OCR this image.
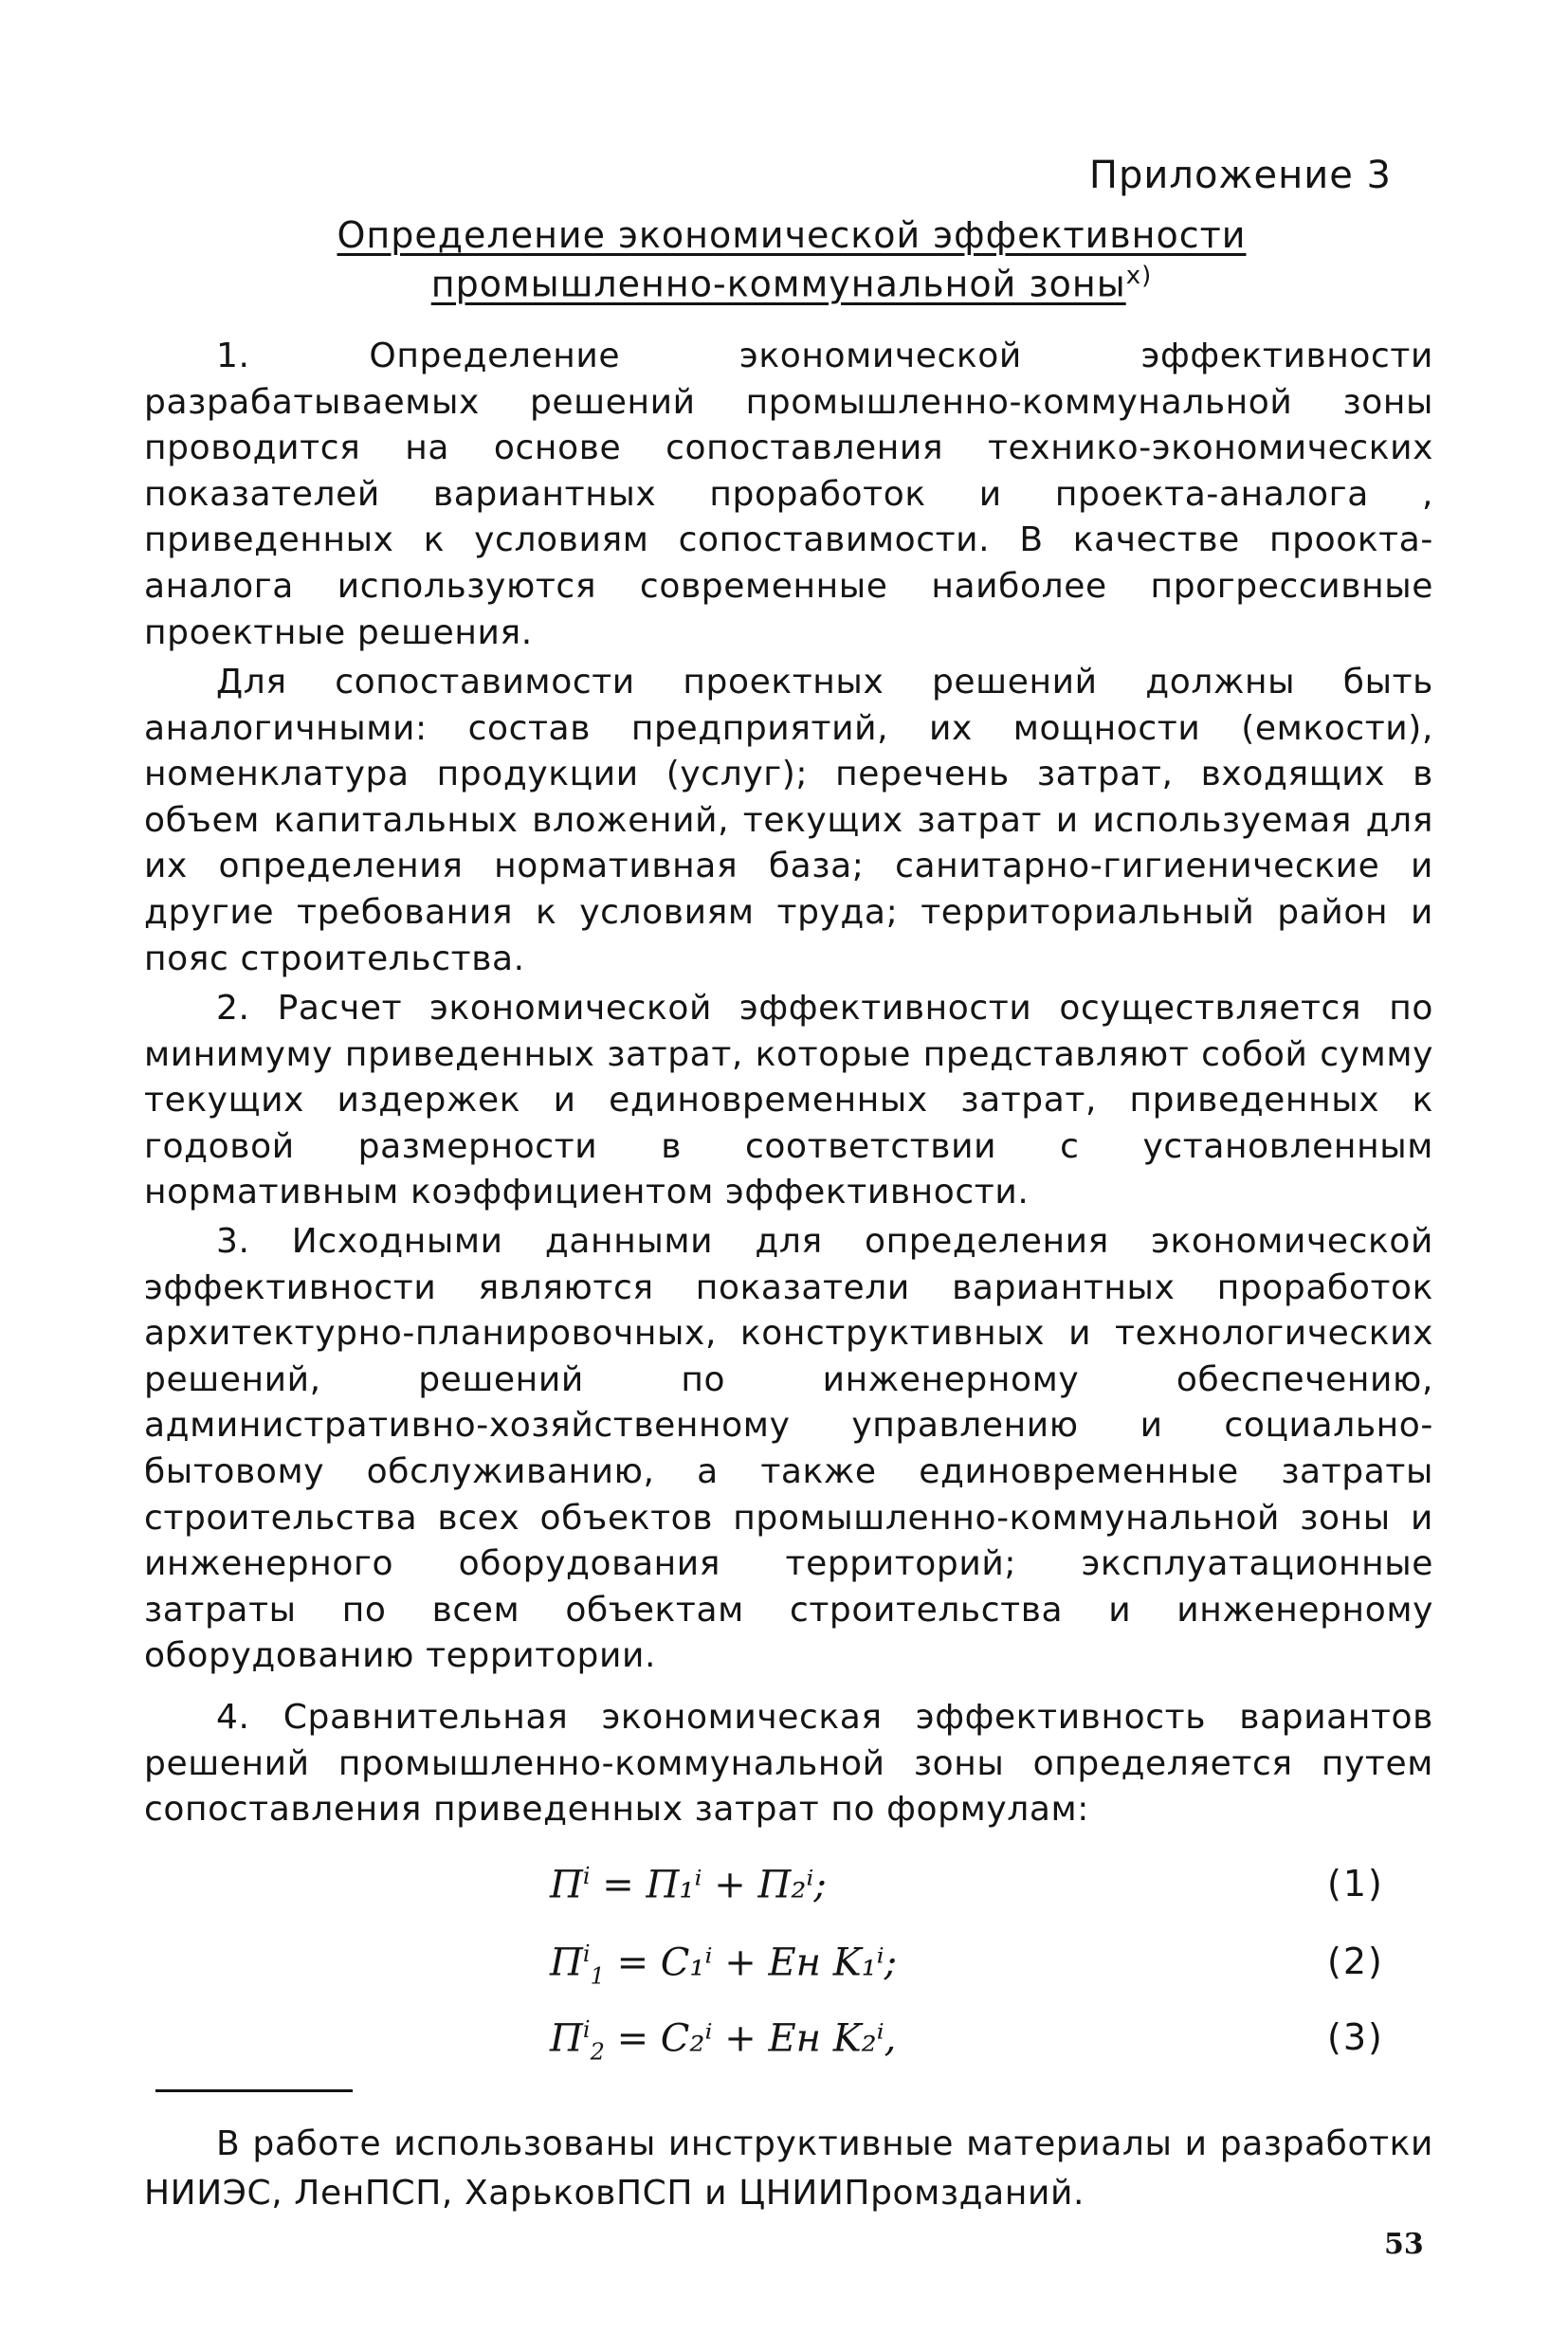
Приложение 3
Определение экономической эффективности
промышленно-коммунальной зоны$^{х)}$

1. Определение экономической эффективности разрабатываемых решений промышленно-коммунальной зоны проводится на основе сопоставления технико-экономических показателей вариантных проработок и проекта-аналога , приведенных к условиям сопоставимости. В качестве проокта-аналога используются современные наиболее прогрессивные проектные решения.

Для сопоставимости проектных решений должны быть аналогичными: состав предприятий, их мощности (емкости), номенклатура продукции (услуг); перечень затрат, входящих в объем капитальных вложений, текущих затрат и используемая для их определения нормативная база; санитарно-гигиенические и другие требования к условиям труда; территориальный район и пояс строительства.

2. Расчет экономической эффективности осуществляется по минимуму приведенных затрат, которые представляют собой сумму текущих издержек и единовременных затрат, приведенных к годовой размерности в соответствии с установленным нормативным коэффициентом эффективности.

3. Исходными данными для определения экономической эффективности являются показатели вариантных проработок архитектурно-планировочных, конструктивных и технологических решений, решений по инженерному обеспечению, административно-хозяйственному управлению и социально-бытовому обслуживанию, а также единовременные затраты строительства всех объектов промышленно-коммунальной зоны и инженерного оборудования территорий; эксплуатационные затраты по всем объектам строительства и инженерному оборудованию территории.

4. Сравнительная экономическая эффективность вариантов решений промышленно-коммунальной зоны определяется путем сопоставления приведенных затрат по формулам:

$П^i = П_1^i + П_2^i$;	(1)
$П^i_1 = C_1^i$ + Eн K₁ⁱ;	(2)
$П^i_2 = C_2^i$ + Eн K₂ⁱ,	(3)

В работе использованы инструктивные материалы и разработки НИИЭС, ЛенПСП, ХарьковПСП и ЦНИИПромзданий.

53
